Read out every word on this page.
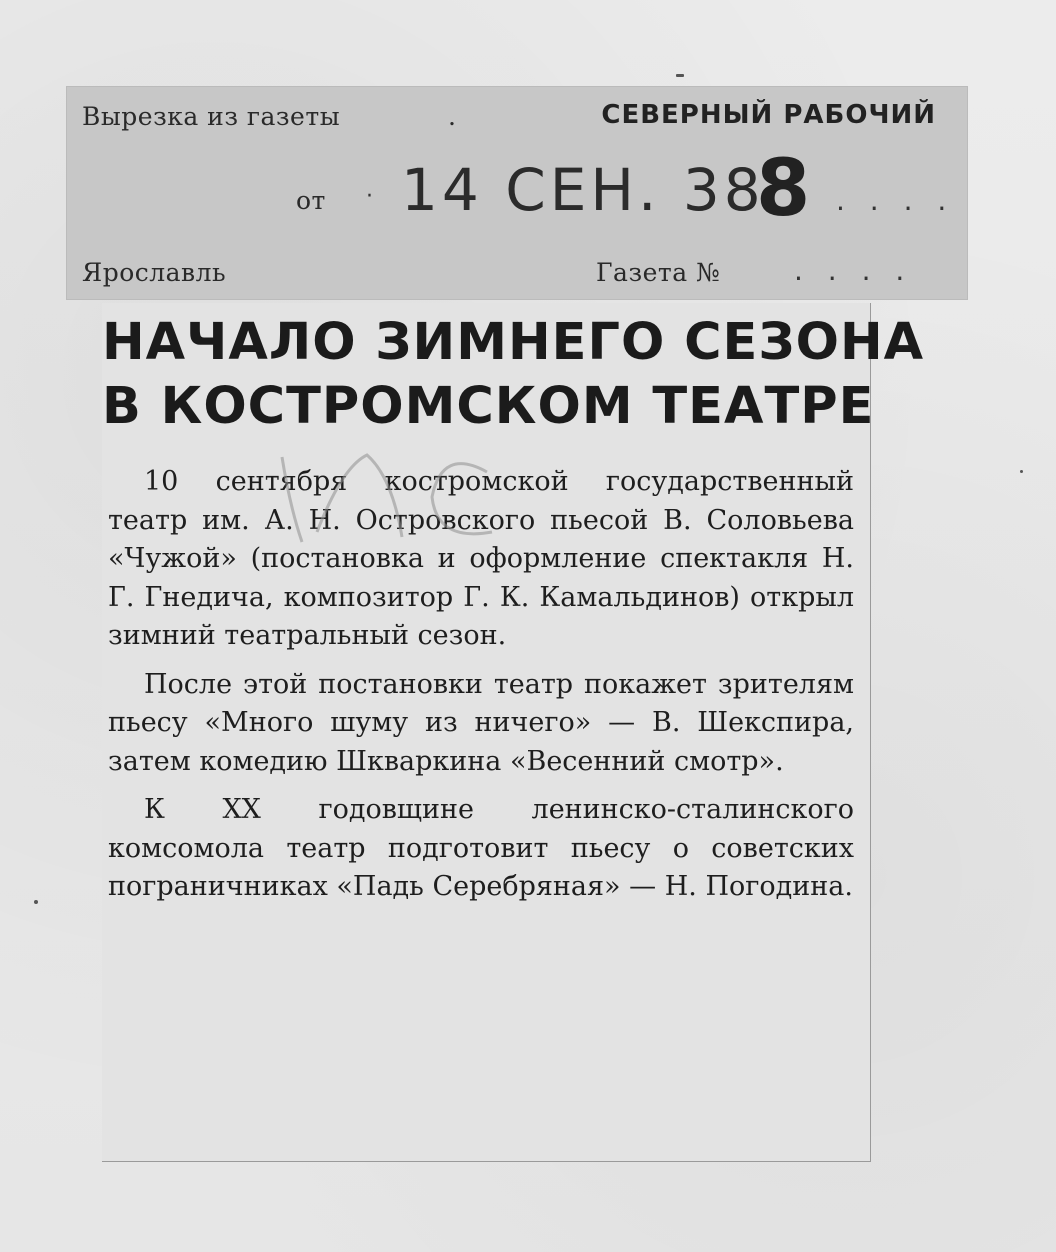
Вырезка из газеты	.	СЕВЕРНЫЙ РАБОЧИЙ
от · 14 СЕН. 38
8 . . . .
Ярославль	Газета №	. . . .
НАЧАЛО ЗИМНЕГО СЕЗОНА
В КОСТРОМСКОМ ТЕАТРЕ

10 сентября костромской государственный театр им. А. Н. Островского пьесой В. Соловьева «Чужой» (постановка и оформление спектакля Н. Г. Гнедича, композитор Г. К. Камальдинов) открыл зимний театральный сезон.

После этой постановки театр покажет зрителям пьесу «Много шуму из ничего» — В. Шекспира, затем комедию Шкваркина «Весенний смотр».

К XX годовщине ленинско-сталинского комсомола театр подготовит пьесу о советских пограничниках «Падь Серебряная» — Н. Погодина.
